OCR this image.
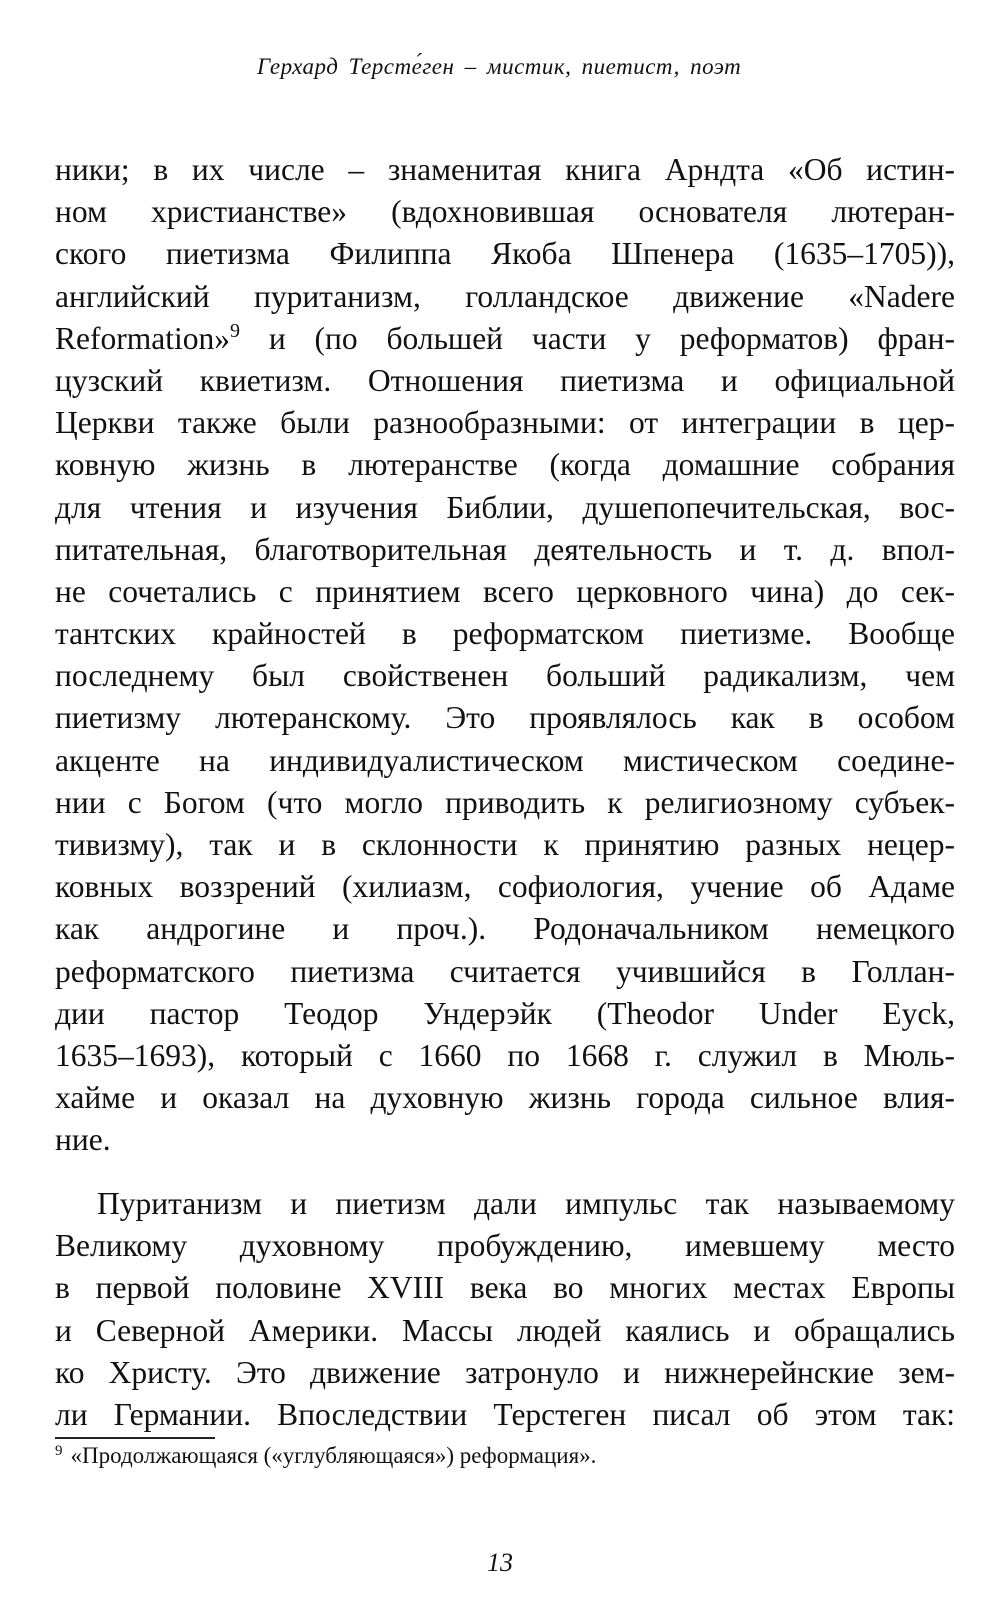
Герхард Терсте́ген – мистик, пиетист, поэт
ники; в их числе – знаменитая книга Арндта «Об истин-
ном христианстве» (вдохновившая основателя лютеран-
ского пиетизма Филиппа Якоба Шпенера (1635–1705)),
английский пуританизм, голландское движение «Nadere
Reformation»$^9$ и (по большей части у реформатов) фран-
цузский квиетизм. Отношения пиетизма и официальной
Церкви также были разнообразными: от интеграции в цер-
ковную жизнь в лютеранстве (когда домашние собрания
для чтения и изучения Библии, душепопечительская, вос-
питательная, благотворительная деятельность и т. д. впол-
не сочетались с принятием всего церковного чина) до сек-
тантских крайностей в реформатском пиетизме. Вообще
последнему был свойственен больший радикализм, чем
пиетизму лютеранскому. Это проявлялось как в особом
акценте на индивидуалистическом мистическом соедине-
нии с Богом (что могло приводить к религиозному субъек-
тивизму), так и в склонности к принятию разных нецер-
ковных воззрений (хилиазм, софиология, учение об Адаме
как андрогине и проч.). Родоначальником немецкого
реформатского пиетизма считается учившийся в Голлан-
дии пастор Теодор Ундерэйк (Theodor Under Eyck,
1635–1693), который с 1660 по 1668 г. служил в Мюль-
хайме и оказал на духовную жизнь города сильное влия-
ние.
Пуританизм и пиетизм дали импульс так называемому
Великому духовному пробуждению, имевшему место
в первой половине XVIII века во многих местах Европы
и Северной Америки. Массы людей каялись и обращались
ко Христу. Это движение затронуло и нижнерейнские зем-
ли Германии. Впоследствии Терстеген писал об этом так:
$^9$ «Продолжающаяся («углубляющаяся») реформация».
13
